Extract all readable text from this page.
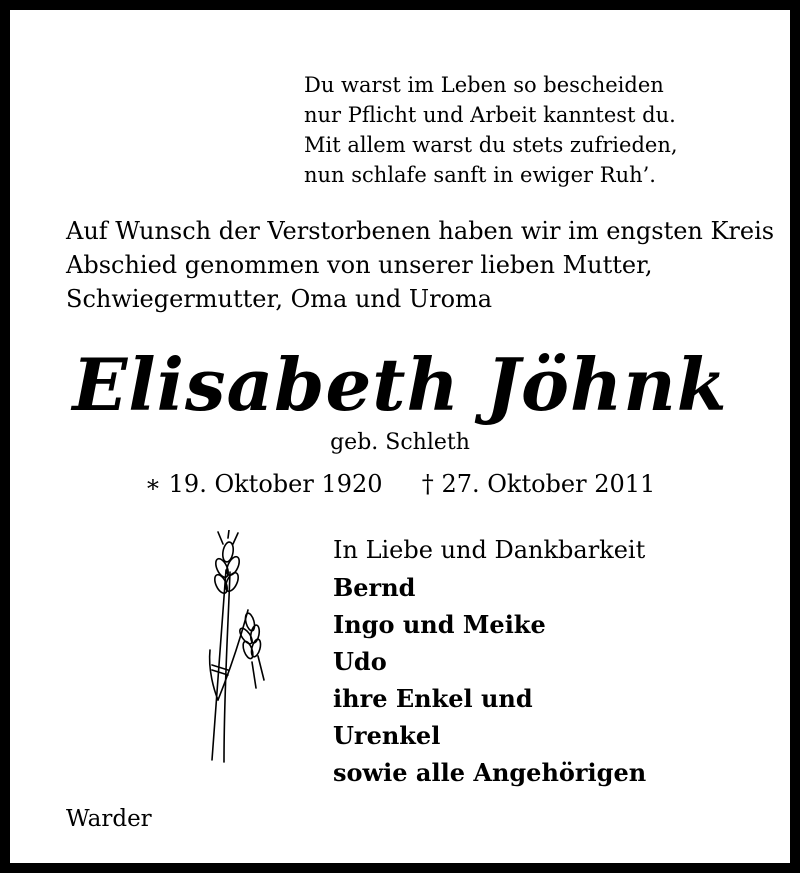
Du warst im Leben so bescheiden
nur Pflicht und Arbeit kanntest du.
Mit allem warst du stets zufrieden,
nun schlafe sanft in ewiger Ruh’.
Auf Wunsch der Verstorbenen haben wir im engsten Kreis
Abschied genommen von unserer lieben Mutter,
Schwiegermutter, Oma und Uroma
Elisabeth Jöhnk
geb. Schleth
∗ 19. Oktober 1920 † 27. Oktober 2011
In Liebe und Dankbarkeit
Bernd
Ingo und Meike
Udo
ihre Enkel und
Urenkel
sowie alle Angehörigen
Warder
